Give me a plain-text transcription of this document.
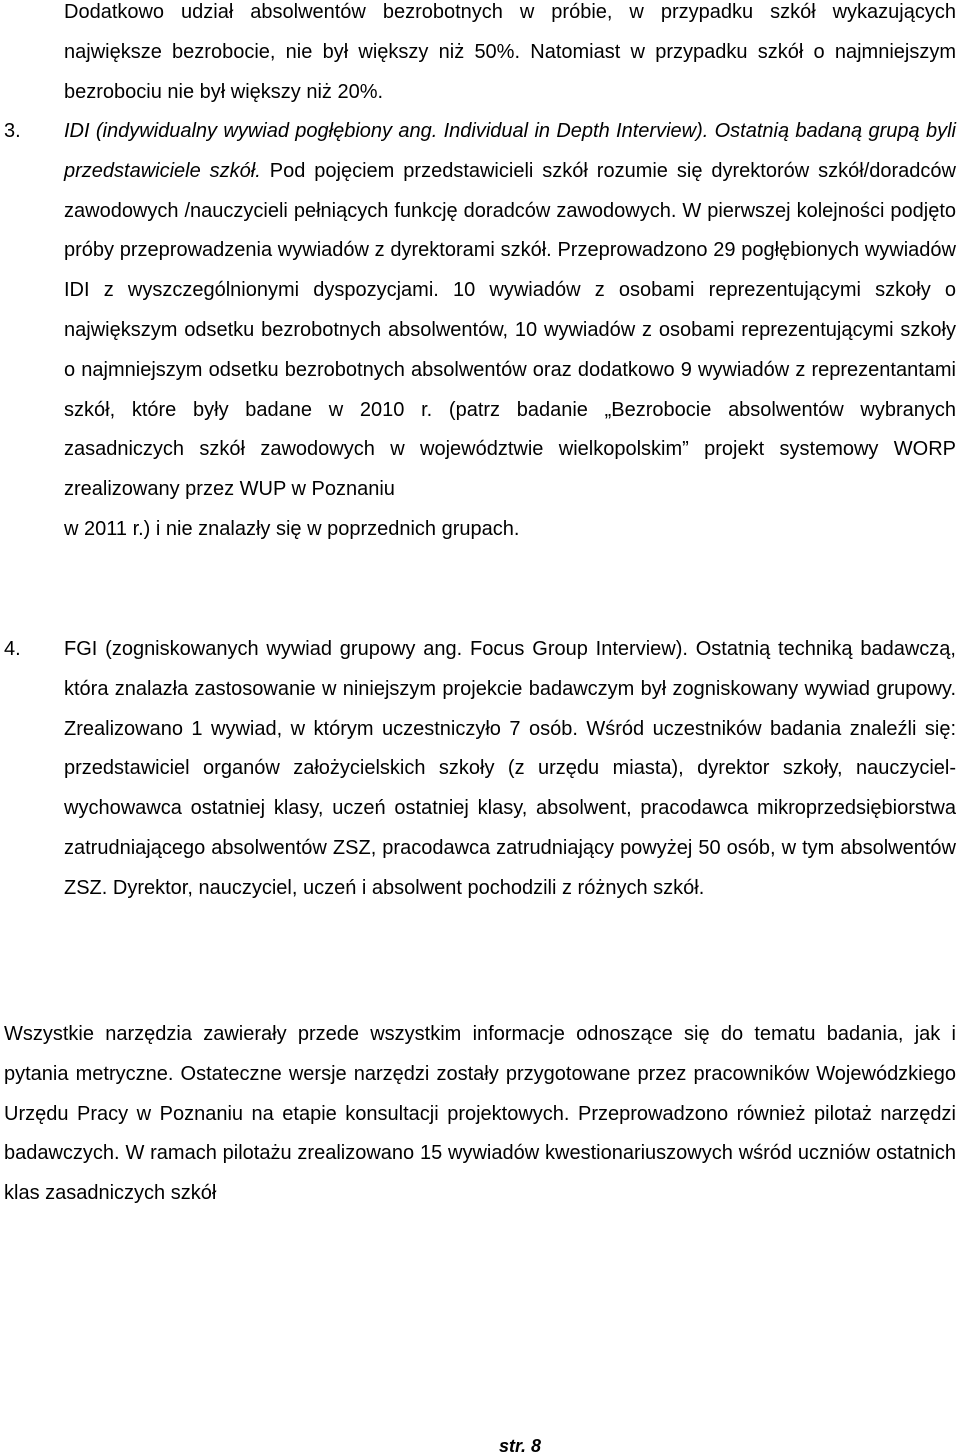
Dodatkowo udział absolwentów bezrobotnych w próbie, w przypadku szkół wykazujących największe bezrobocie, nie był większy niż 50%. Natomiast w przypadku szkół o najmniejszym bezrobociu nie był większy niż 20%.
3. IDI (indywidualny wywiad pogłębiony ang. Individual in Depth Interview). Ostatnią badaną grupą byli przedstawiciele szkół. Pod pojęciem przedstawicieli szkół rozumie się dyrektorów szkół/doradców zawodowych /nauczycieli pełniących funkcję doradców zawodowych. W pierwszej kolejności podjęto próby przeprowadzenia wywiadów z dyrektorami szkół. Przeprowadzono 29 pogłębionych wywiadów IDI z wyszczególnionymi dyspozycjami. 10 wywiadów z osobami reprezentującymi szkoły o największym odsetku bezrobotnych absolwentów, 10 wywiadów z osobami reprezentującymi szkoły o najmniejszym odsetku bezrobotnych absolwentów oraz dodatkowo 9 wywiadów z reprezentantami szkół, które były badane w 2010 r. (patrz badanie „Bezrobocie absolwentów wybranych zasadniczych szkół zawodowych w województwie wielkopolskim” projekt systemowy WORP zrealizowany przez WUP w Poznaniu
w 2011 r.) i nie znalazły się w poprzednich grupach.
4. FGI (zogniskowanych wywiad grupowy ang. Focus Group Interview). Ostatnią techniką badawczą, która znalazła zastosowanie w niniejszym projekcie badawczym był zogniskowany wywiad grupowy. Zrealizowano 1 wywiad, w którym uczestniczyło 7 osób. Wśród uczestników badania znaleźli się: przedstawiciel organów założycielskich szkoły (z urzędu miasta), dyrektor szkoły, nauczyciel-wychowawca ostatniej klasy, uczeń ostatniej klasy, absolwent, pracodawca mikroprzedsiębiorstwa zatrudniającego absolwentów ZSZ, pracodawca zatrudniający powyżej 50 osób, w tym absolwentów ZSZ. Dyrektor, nauczyciel, uczeń i absolwent pochodzili z różnych szkół.
Wszystkie narzędzia zawierały przede wszystkim informacje odnoszące się do tematu badania, jak i pytania metryczne. Ostateczne wersje narzędzi zostały przygotowane przez pracowników Wojewódzkiego Urzędu Pracy w Poznaniu na etapie konsultacji projektowych. Przeprowadzono również pilotaż narzędzi badawczych. W ramach pilotażu zrealizowano 15 wywiadów kwestionariuszowych wśród uczniów ostatnich klas zasadniczych szkół
str. 8
